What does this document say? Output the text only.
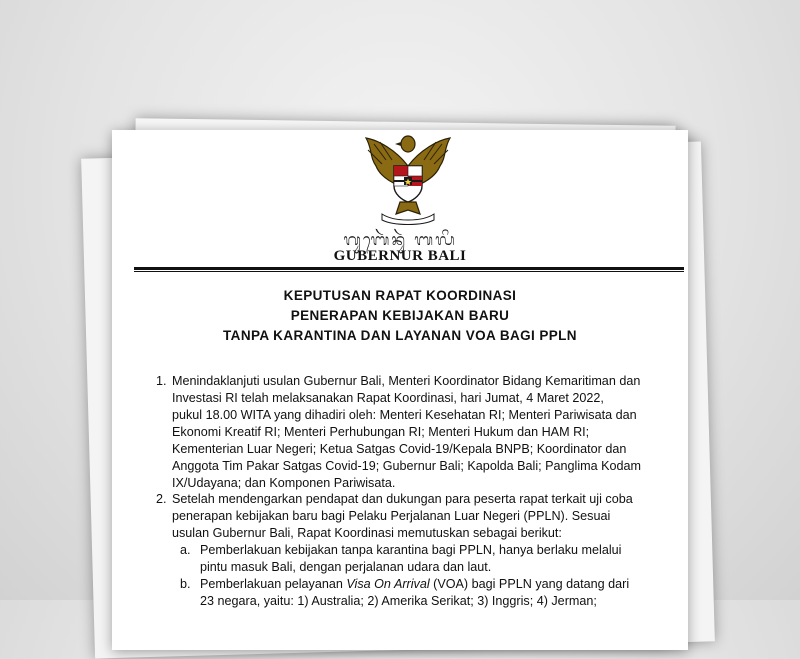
ᬕᬸᬩᬾᬃᬦᬸᬃ ᬩᬮᬶ
GUBERNUR BALI
KEPUTUSAN RAPAT KOORDINASI
PENERAPAN KEBIJAKAN BARU
TANPA KARANTINA DAN LAYANAN VOA BAGI PPLN
1. Menindaklanjuti usulan Gubernur Bali, Menteri Koordinator Bidang Kemaritiman dan
Investasi RI telah melaksanakan Rapat Koordinasi, hari Jumat, 4 Maret 2022,
pukul 18.00 WITA yang dihadiri oleh: Menteri Kesehatan RI; Menteri Pariwisata dan
Ekonomi Kreatif RI; Menteri Perhubungan RI; Menteri Hukum dan HAM RI;
Kementerian Luar Negeri; Ketua Satgas Covid-19/Kepala BNPB; Koordinator dan
Anggota Tim Pakar Satgas Covid-19; Gubernur Bali; Kapolda Bali; Panglima Kodam
IX/Udayana; dan Komponen Pariwisata.
2. Setelah mendengarkan pendapat dan dukungan para peserta rapat terkait uji coba
penerapan kebijakan baru bagi Pelaku Perjalanan Luar Negeri (PPLN). Sesuai
usulan Gubernur Bali, Rapat Koordinasi memutuskan sebagai berikut:
a. Pemberlakuan kebijakan tanpa karantina bagi PPLN, hanya berlaku melalui
pintu masuk Bali, dengan perjalanan udara dan laut.
b. Pemberlakuan pelayanan Visa On Arrival (VOA) bagi PPLN yang datang dari
23 negara, yaitu: 1) Australia; 2) Amerika Serikat; 3) Inggris; 4) Jerman;
